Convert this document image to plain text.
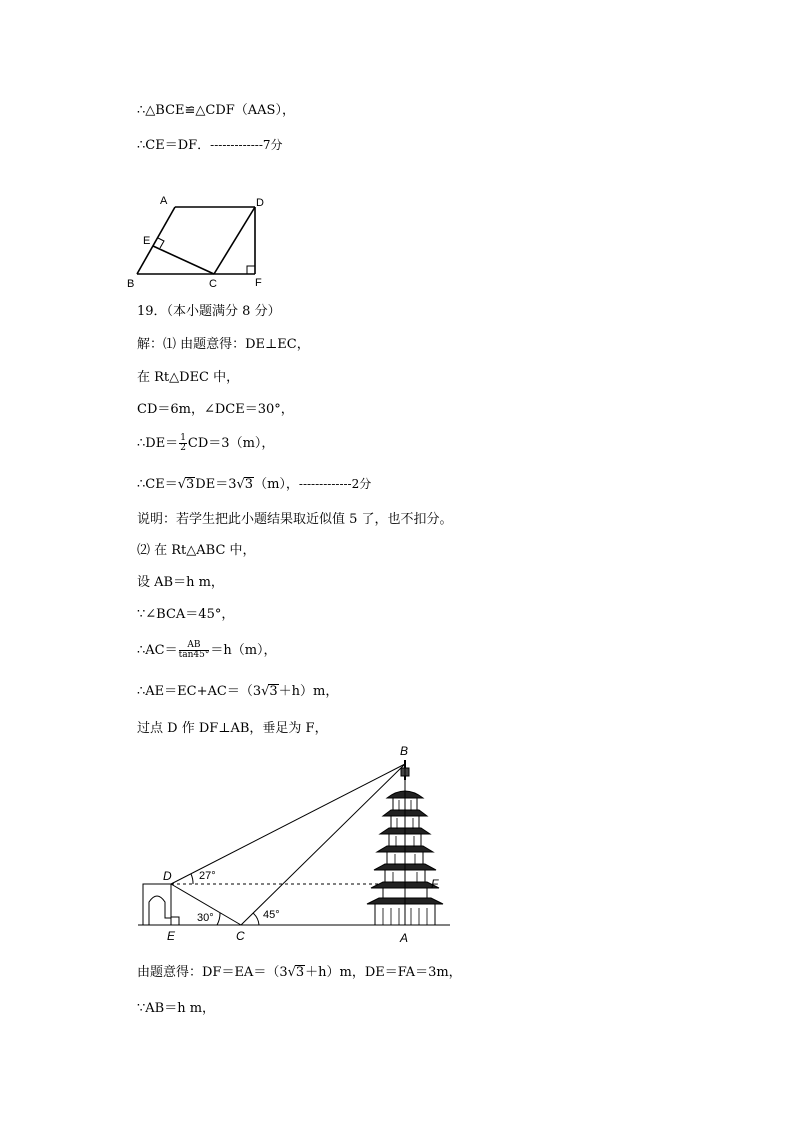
∴△BCE≌△CDF（AAS），
∴CE＝DF．-------------7分
A
B	C
D
E
F
19．（本小题满分 8 分）
解：⑴ 由题意得：DE⊥EC，
在 Rt△DEC 中，
CD＝6m，∠DCE＝30°，
∴DE＝ $\frac{1}{2} CD=3(m)$，
∴CE＝√3DE＝3√3（m），-------------2分
说明：若学生把此小题结果取近似值 5 了，也不扣分。
⑵ 在 Rt△ABC 中，
设 AB＝h m，
∵∠BCA＝45°，
∴AC＝ $\frac{AB}{\tan 45^\circ} =h(m)$，
∴AE＝EC+AC＝（3√3＋h）m，
过点 D 作 DF⊥AB，垂足为 F，
B
D
F
E	C	A
27°
30°	45°
由题意得：DF＝EA＝（3√3＋h）m，DE＝FA＝3m，
∵AB＝h m，
